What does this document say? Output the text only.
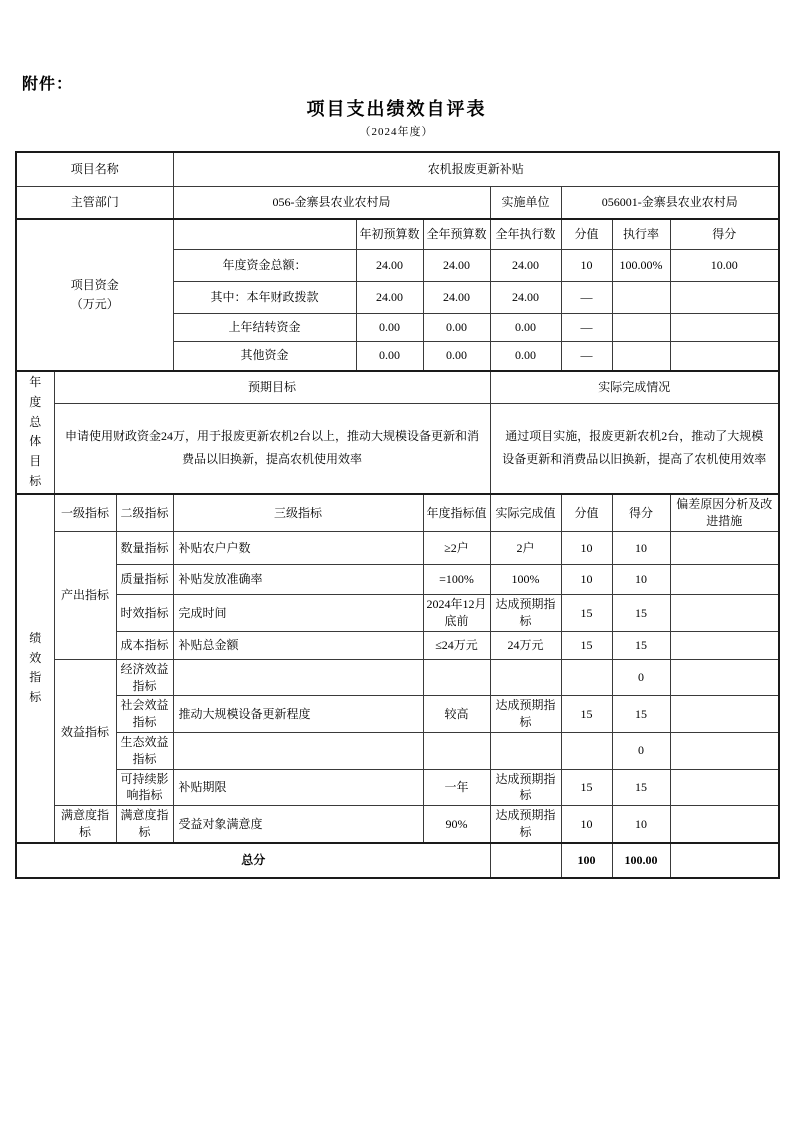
附件：
项目支出绩效自评表
（2024年度）
项目名称			农机报废更新补贴						
主管部门			056-金寨县农业农村局			实施单位	056001-金寨县农业农村局		

项目资金
（万元）				年初预算数	全年预算数	全年执行数	分值	执行率	得分
			年度资金总额：	24.00	24.00	24.00	10	100.00%	10.00
			其中：本年财政拨款	24.00	24.00	24.00	—		
			上年结转资金	0.00	0.00	0.00	—		
			其他资金	0.00	0.00	0.00	—		

年度总体目标	预期目标					实际完成情况			
	申请使用财政资金24万，用于报废更新农机2台以上，推动大规模设备更新和消费品以旧换新，提高农机使用效率					通过项目实施，报废更新农机2台，推动了大规模设备更新和消费品以旧换新，提高了农机使用效率			

绩效指标	一级指标	二级指标	三级指标		年度指标值	实际完成值	分值	得分	偏差原因分析及改进措施
	产出指标	数量指标	补贴农户户数		≥2户	2户	10	10	
		质量指标	补贴发放准确率		=100%	100%	10	10	
		时效指标	完成时间		2024年12月底前	达成预期指标	15	15	
		成本指标	补贴总金额		≤24万元	24万元	15	15	
	效益指标	经济效益指标						0	
		社会效益指标	推动大规模设备更新程度		较高	达成预期指标	15	15	
		生态效益指标						0	
		可持续影响指标	补贴期限		一年	达成预期指标	15	15	
	满意度指标	满意度指标	受益对象满意度		90%	达成预期指标	10	10	
总分							100	100.00	
